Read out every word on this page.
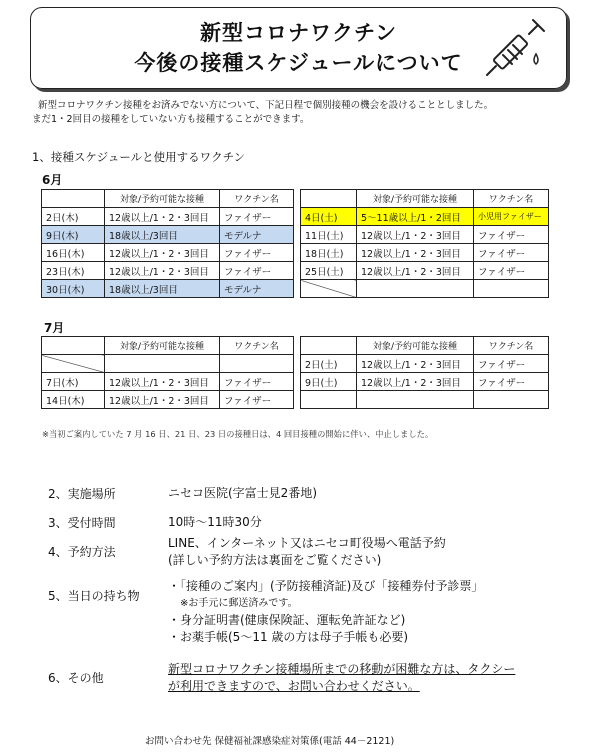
新型コロナワクチン
今後の接種スケジュールについて
新型コロナワクチン接種をお済みでない方について、下記日程で個別接種の機会を設けることとしました。
まだ1・2回目の接種をしていない方も接種することができます。
1、接種スケジュールと使用するワクチン
6月
	対象/予約可能な接種	ワクチン名			対象/予約可能な接種	ワクチン名
2日(木)	12歳以上/1・2・3回目	ファイザー		4日(土)	5～11歳以上/1・2回目	小児用ファイザー
9日(木)	18歳以上/3回目	モデルナ		11日(土)	12歳以上/1・2・3回目	ファイザー
16日(木)	12歳以上/1・2・3回目	ファイザー		18日(土)	12歳以上/1・2・3回目	ファイザー
23日(木)	12歳以上/1・2・3回目	ファイザー		25日(土)	12歳以上/1・2・3回目	ファイザー
30日(木)	18歳以上/3回目	モデルナ				
7月
	対象/予約可能な接種	ワクチン名			対象/予約可能な接種	ワクチン名
				2日(土)	12歳以上/1・2・3回目	ファイザー
7日(木)	12歳以上/1・2・3回目	ファイザー		9日(土)	12歳以上/1・2・3回目	ファイザー
14日(木)	12歳以上/1・2・3回目	ファイザー				
※当初ご案内していた 7 月 16 日、21 日、23 日の接種日は、4 回目接種の開始に伴い、中止しました。
2、実施場所	ニセコ医院(字富士見2番地)
3、受付時間	10時～11時30分
4、予約方法
LINE、インターネット又はニセコ町役場へ電話予約
(詳しい予約方法は裏面をご覧ください)
5、当日の持ち物
・「接種のご案内」(予防接種済証)及び「接種券付予診票」
※お手元に郵送済みです。
・身分証明書(健康保険証、運転免許証など)
・お薬手帳(5～11 歳の方は母子手帳も必要)
6、その他
新型コロナワクチン接種場所までの移動が困難な方は、タクシー
が利用できますので、お問い合わせください。
お問い合わせ先 保健福祉課感染症対策係(電話 44－2121)
